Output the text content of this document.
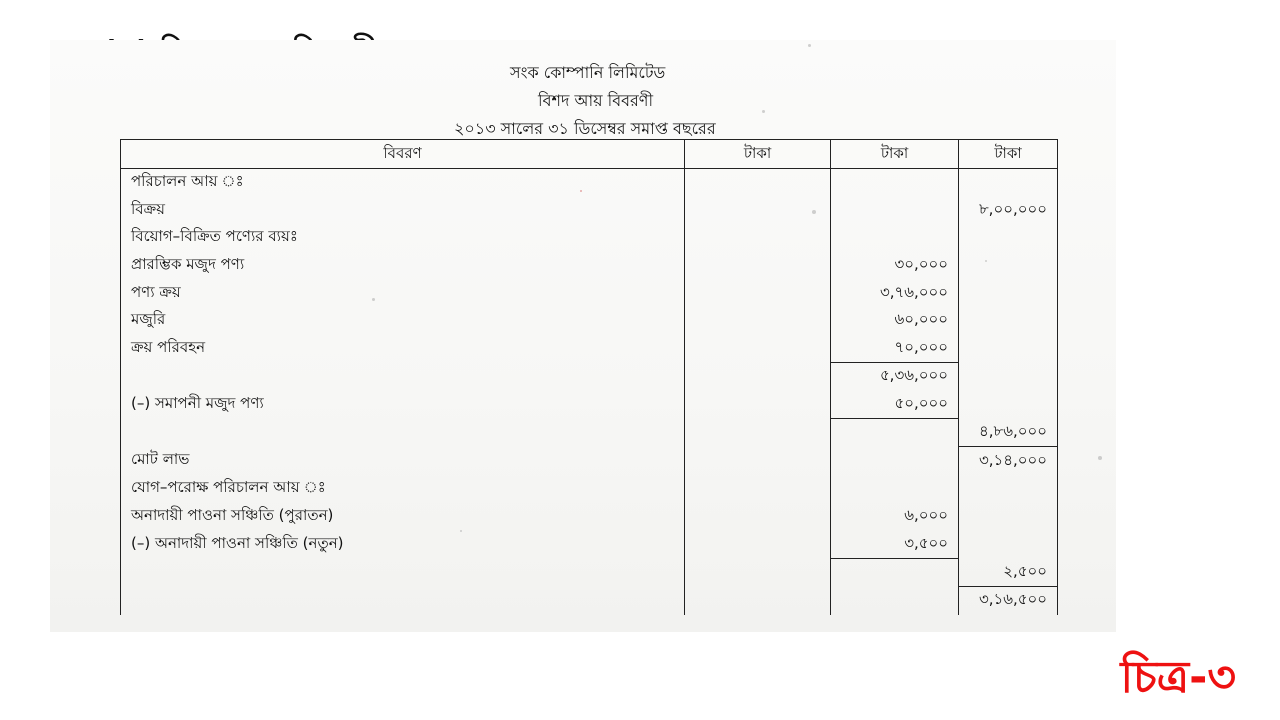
সংক কোম্পানি লিমিটেড
বিশদ আয় বিবরণী
২০১৩ সালের ৩১ ডিসেম্বর সমাপ্ত বছরের
বিবরণ	টাকা	টাকা	টাকা
পরিচালন আয় ঃ			
বিক্রয়			৮,০০,০০০
বিয়োগ–বিক্রিত পণ্যের ব্যয়ঃ			
প্রারম্ভিক মজুদ পণ্য		৩০,০০০	
পণ্য ক্রয়		৩,৭৬,০০০	
মজুরি		৬০,০০০	
ক্রয় পরিবহন		৭০,০০০	
		৫,৩৬,০০০	
(–) সমাপনী মজুদ পণ্য		৫০,০০০	
			৪,৮৬,০০০
মোট লাভ			৩,১৪,০০০
যোগ–পরোক্ষ পরিচালন আয় ঃ			
অনাদায়ী পাওনা সঞ্চিতি (পুরাতন)		৬,০০০	
(–) অনাদায়ী পাওনা সঞ্চিতি (নতুন)		৩,৫০০	
			২,৫০০
			৩,১৬,৫০০
চিত্র-৩
